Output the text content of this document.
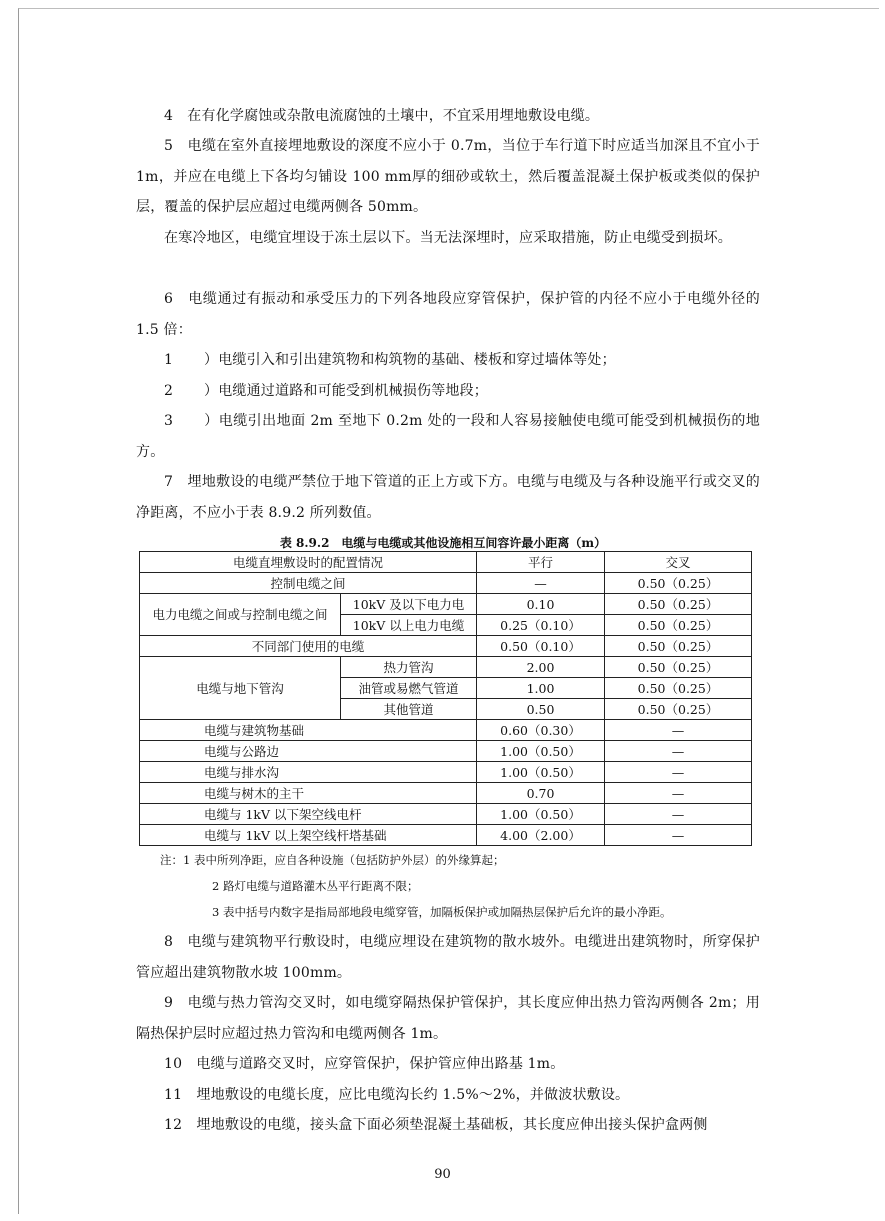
4　在有化学腐蚀或杂散电流腐蚀的土壤中，不宜采用埋地敷设电缆。

5　电缆在室外直接埋地敷设的深度不应小于 0.7m，当位于车行道下时应适当加深且不宜小于 1m，并应在电缆上下各均匀铺设 100 mm厚的细砂或软土，然后覆盖混凝土保护板或类似的保护层，覆盖的保护层应超过电缆两侧各 50mm。

在寒冷地区，电缆宜埋设于冻土层以下。当无法深埋时，应采取措施，防止电缆受到损坏。

6　电缆通过有振动和承受压力的下列各地段应穿管保护，保护管的内径不应小于电缆外径的 1.5 倍：

1 ）电缆引入和引出建筑物和构筑物的基础、楼板和穿过墙体等处；

2 ）电缆通过道路和可能受到机械损伤等地段；

3 ）电缆引出地面 2m 至地下 0.2m 处的一段和人容易接触使电缆可能受到机械损伤的地方。

7　埋地敷设的电缆严禁位于地下管道的正上方或下方。电缆与电缆及与各种设施平行或交叉的净距离，不应小于表 8.9.2 所列数值。

表 8.9.2　电缆与电缆或其他设施相互间容许最小距离（m）
电缆直埋敷设时的配置情况		平行	交叉
控制电缆之间		—	0.50（0.25）
电力电缆之间或与控制电缆之间	10kV 及以下电力电	0.10	0.50（0.25）
	10kV 以上电力电缆	0.25（0.10）	0.50（0.25）
不同部门使用的电缆		0.50（0.10）	0.50（0.25）
电缆与地下管沟	热力管沟	2.00	0.50（0.25）
	油管或易燃气管道	1.00	0.50（0.25）
	其他管道	0.50	0.50（0.25）
电缆与建筑物基础		0.60（0.30）	—
电缆与公路边		1.00（0.50）	—
电缆与排水沟		1.00（0.50）	—
电缆与树木的主干		0.70	—
电缆与 1kV 以下架空线电杆		1.00（0.50）	—
电缆与 1kV 以上架空线杆塔基础		4.00（2.00）	—
注：1 表中所列净距，应自各种设施（包括防护外层）的外缘算起；
2 路灯电缆与道路灌木丛平行距离不限；
3 表中括号内数字是指局部地段电缆穿管，加隔板保护或加隔热层保护后允许的最小净距。

8　电缆与建筑物平行敷设时，电缆应埋设在建筑物的散水坡外。电缆进出建筑物时，所穿保护管应超出建筑物散水坡 100mm。

9　电缆与热力管沟交叉时，如电缆穿隔热保护管保护，其长度应伸出热力管沟两侧各 2m；用隔热保护层时应超过热力管沟和电缆两侧各 1m。

10　电缆与道路交叉时，应穿管保护，保护管应伸出路基 1m。

11　埋地敷设的电缆长度，应比电缆沟长约 1.5%～2%，并做波状敷设。

12　埋地敷设的电缆，接头盒下面必须垫混凝土基础板，其长度应伸出接头保护盒两侧

90
